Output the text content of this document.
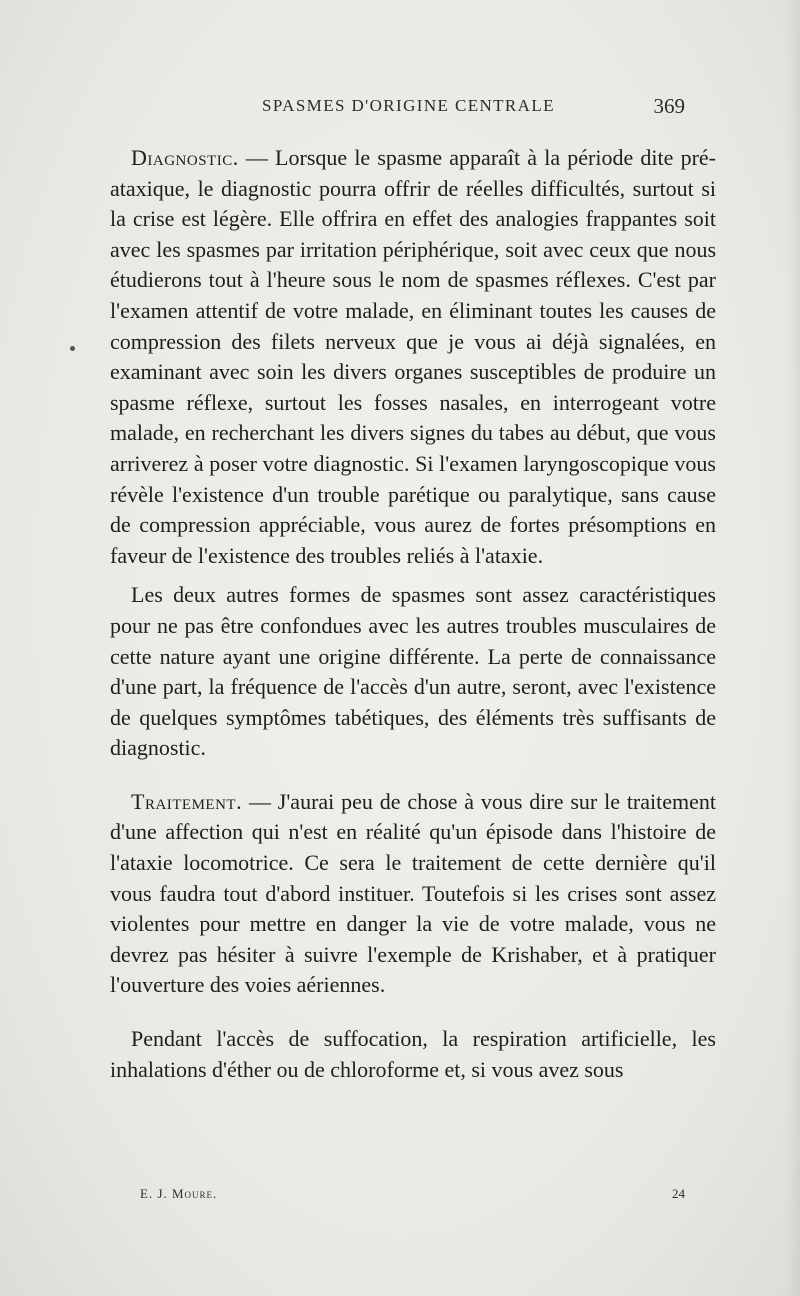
SPASMES D'ORIGINE CENTRALE	369

Diagnostic. — Lorsque le spasme apparaît à la période dite pré-ataxique, le diagnostic pourra offrir de réelles difficultés, surtout si la crise est légère. Elle offrira en effet des analogies frappantes soit avec les spasmes par irritation périphérique, soit avec ceux que nous étudierons tout à l'heure sous le nom de spasmes réflexes. C'est par l'examen attentif de votre malade, en éliminant toutes les causes de compression des filets nerveux que je vous ai déjà signalées, en examinant avec soin les divers organes susceptibles de produire un spasme réflexe, surtout les fosses nasales, en interrogeant votre malade, en recherchant les divers signes du tabes au début, que vous arriverez à poser votre diagnostic. Si l'examen laryngoscopique vous révèle l'existence d'un trouble parétique ou paralytique, sans cause de compression appréciable, vous aurez de fortes présomptions en faveur de l'existence des troubles reliés à l'ataxie.

Les deux autres formes de spasmes sont assez caractéristiques pour ne pas être confondues avec les autres troubles musculaires de cette nature ayant une origine différente. La perte de connaissance d'une part, la fréquence de l'accès d'un autre, seront, avec l'existence de quelques symptômes tabétiques, des éléments très suffisants de diagnostic.

Traitement. — J'aurai peu de chose à vous dire sur le traitement d'une affection qui n'est en réalité qu'un épisode dans l'histoire de l'ataxie locomotrice. Ce sera le traitement de cette dernière qu'il vous faudra tout d'abord instituer. Toutefois si les crises sont assez violentes pour mettre en danger la vie de votre malade, vous ne devrez pas hésiter à suivre l'exemple de Krishaber, et à pratiquer l'ouverture des voies aériennes.

Pendant l'accès de suffocation, la respiration artificielle, les inhalations d'éther ou de chloroforme et, si vous avez sous

E. J. Moure.	24
